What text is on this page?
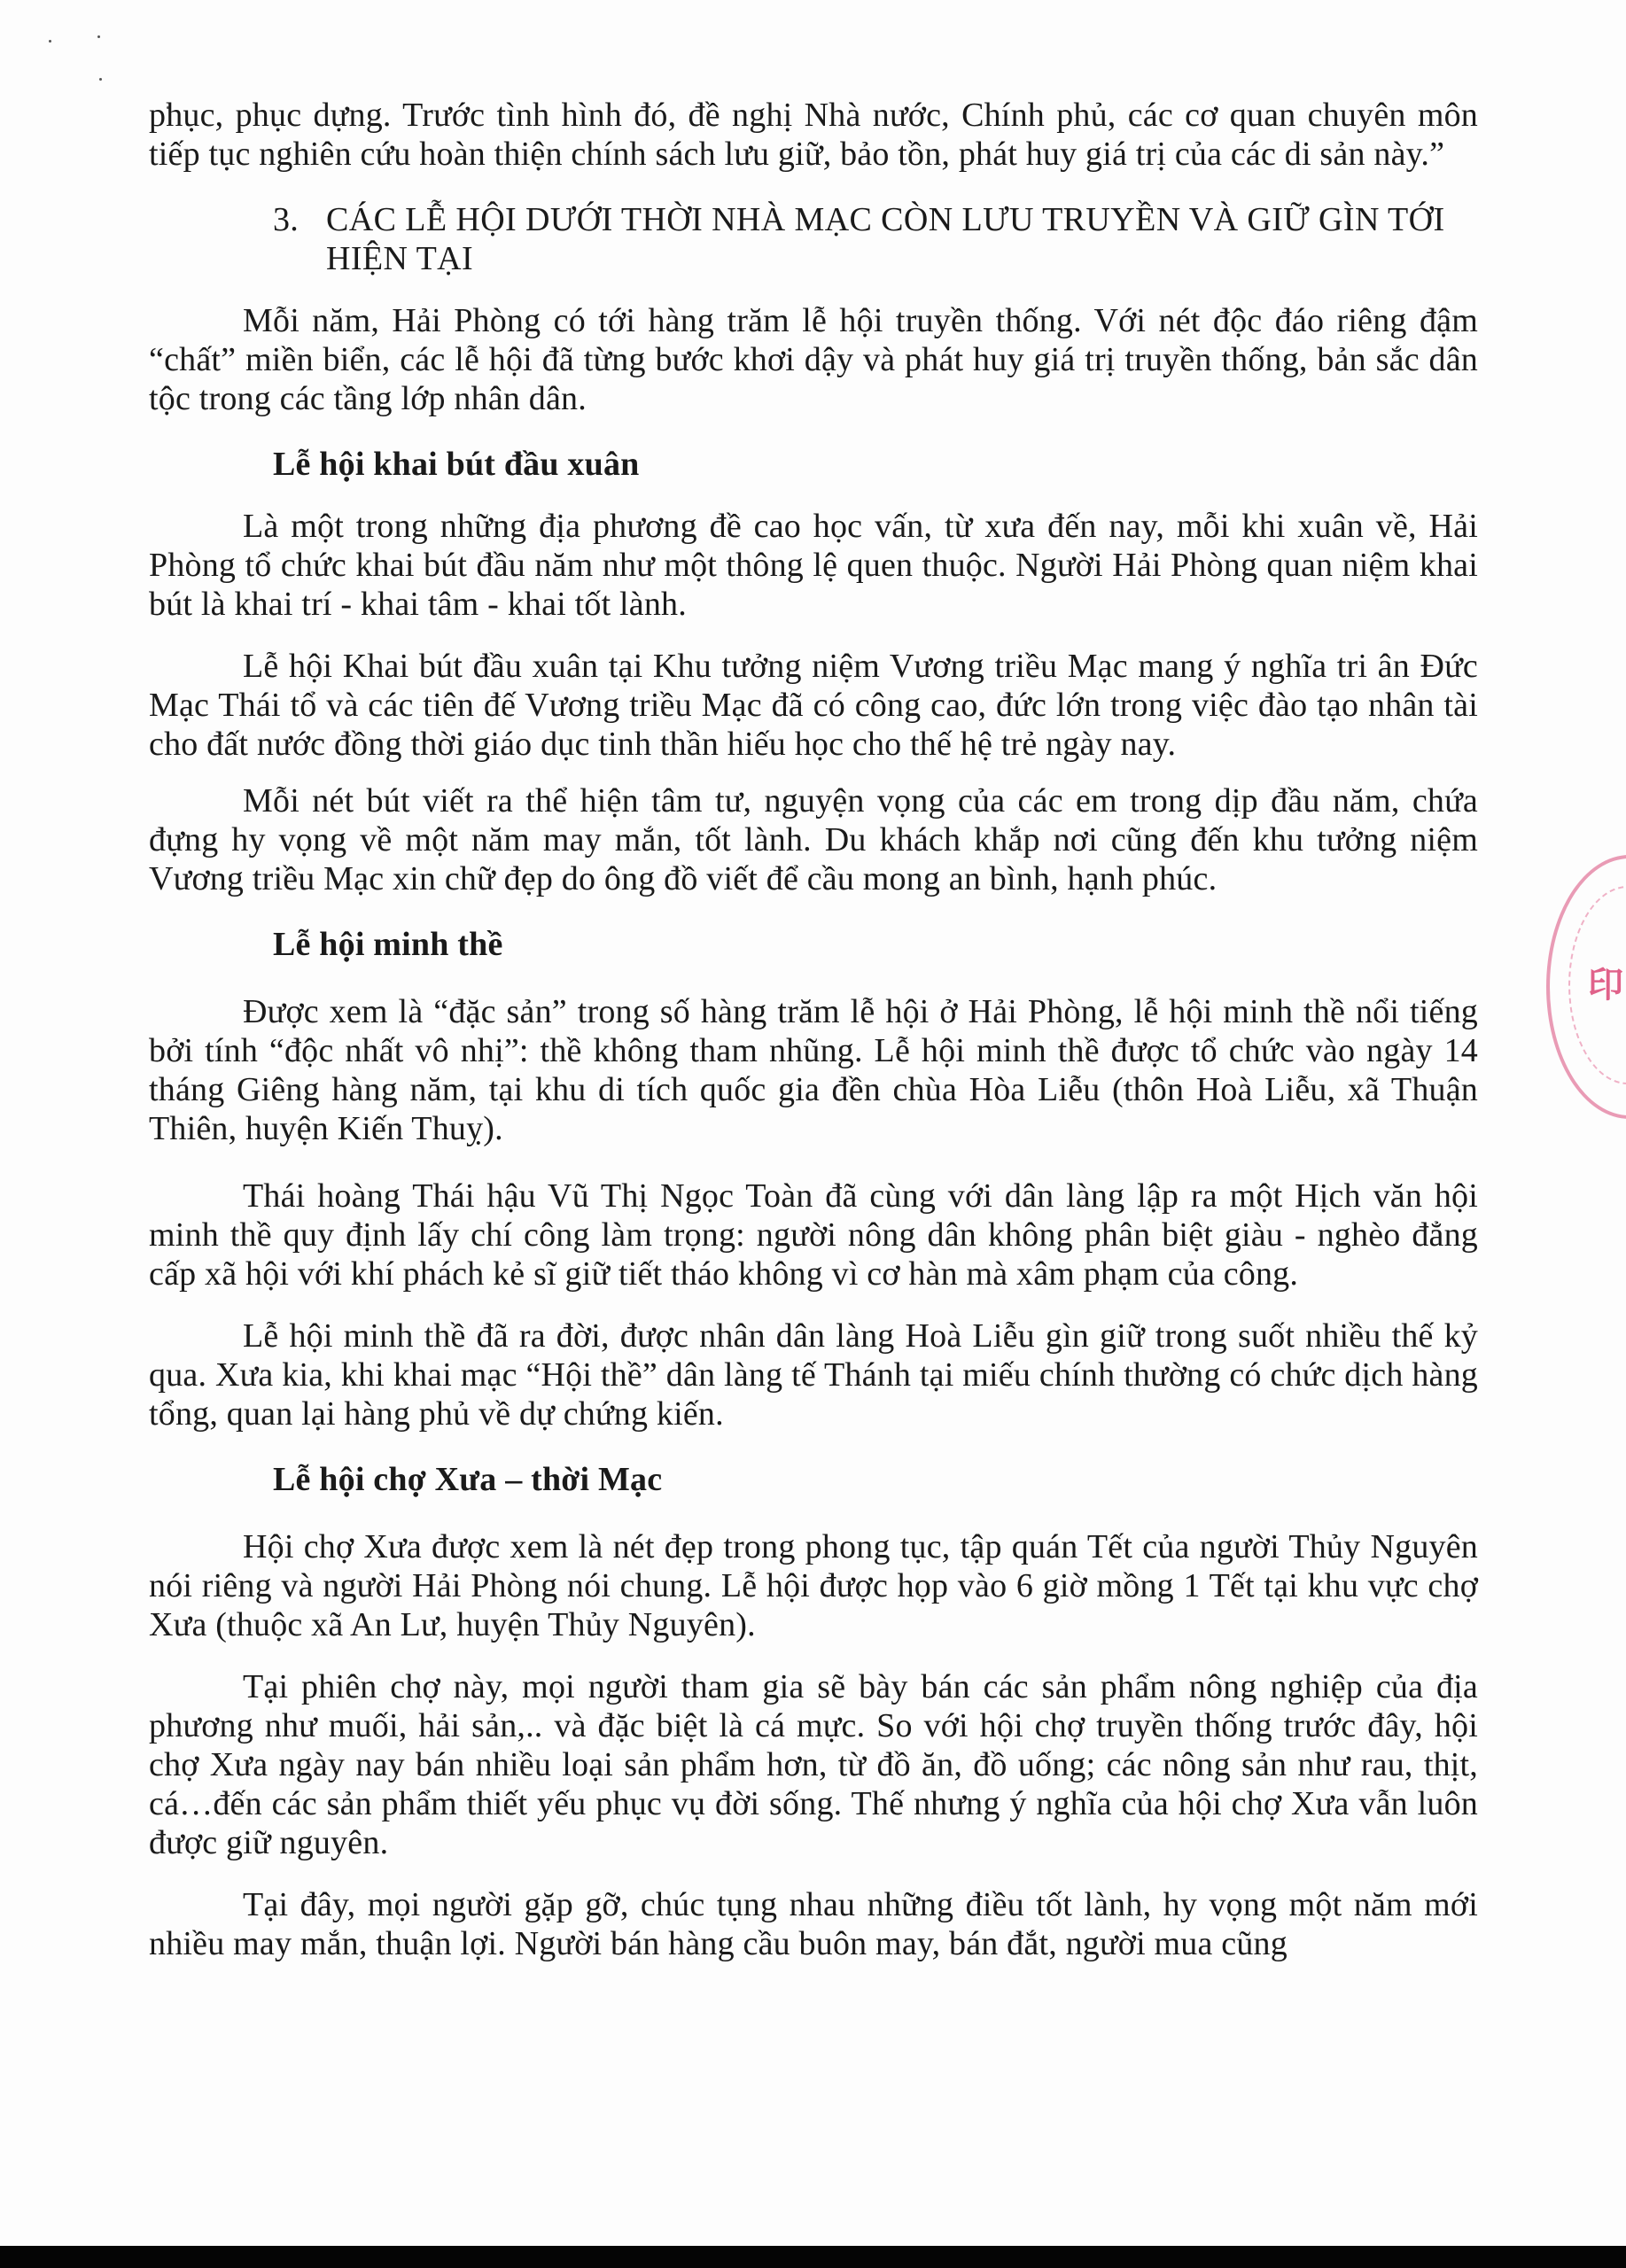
phục, phục dựng. Trước tình hình đó, đề nghị Nhà nước, Chính phủ, các cơ quan chuyên môn tiếp tục nghiên cứu hoàn thiện chính sách lưu giữ, bảo tồn, phát huy giá trị của các di sản này.”

3. CÁC LỄ HỘI DƯỚI THỜI NHÀ MẠC CÒN LƯU TRUYỀN VÀ GIỮ GÌN TỚI HIỆN TẠI

Mỗi năm, Hải Phòng có tới hàng trăm lễ hội truyền thống. Với nét độc đáo riêng đậm “chất” miền biển, các lễ hội đã từng bước khơi dậy và phát huy giá trị truyền thống, bản sắc dân tộc trong các tầng lớp nhân dân.

Lễ hội khai bút đầu xuân

Là một trong những địa phương đề cao học vấn, từ xưa đến nay, mỗi khi xuân về, Hải Phòng tổ chức khai bút đầu năm như một thông lệ quen thuộc. Người Hải Phòng quan niệm khai bút là khai trí - khai tâm - khai tốt lành.

Lễ hội Khai bút đầu xuân tại Khu tưởng niệm Vương triều Mạc mang ý nghĩa tri ân Đức Mạc Thái tổ và các tiên đế Vương triều Mạc đã có công cao, đức lớn trong việc đào tạo nhân tài cho đất nước đồng thời giáo dục tinh thần hiếu học cho thế hệ trẻ ngày nay.

Mỗi nét bút viết ra thể hiện tâm tư, nguyện vọng của các em trong dịp đầu năm, chứa đựng hy vọng về một năm may mắn, tốt lành. Du khách khắp nơi cũng đến khu tưởng niệm Vương triều Mạc xin chữ đẹp do ông đồ viết để cầu mong an bình, hạnh phúc.

Lễ hội minh thề

Được xem là “đặc sản” trong số hàng trăm lễ hội ở Hải Phòng, lễ hội minh thề nổi tiếng bởi tính “độc nhất vô nhị”: thề không tham nhũng. Lễ hội minh thề được tổ chức vào ngày 14 tháng Giêng hàng năm, tại khu di tích quốc gia đền chùa Hòa Liễu (thôn Hoà Liễu, xã Thuận Thiên, huyện Kiến Thuỵ).

Thái hoàng Thái hậu Vũ Thị Ngọc Toàn đã cùng với dân làng lập ra một Hịch văn hội minh thề quy định lấy chí công làm trọng: người nông dân không phân biệt giàu - nghèo đẳng cấp xã hội với khí phách kẻ sĩ giữ tiết tháo không vì cơ hàn mà xâm phạm của công.

Lễ hội minh thề đã ra đời, được nhân dân làng Hoà Liễu gìn giữ trong suốt nhiều thế kỷ qua. Xưa kia, khi khai mạc “Hội thề” dân làng tế Thánh tại miếu chính thường có chức dịch hàng tổng, quan lại hàng phủ về dự chứng kiến.

Lễ hội chợ Xưa – thời Mạc

Hội chợ Xưa được xem là nét đẹp trong phong tục, tập quán Tết của người Thủy Nguyên nói riêng và người Hải Phòng nói chung. Lễ hội được họp vào 6 giờ mồng 1 Tết tại khu vực chợ Xưa (thuộc xã An Lư, huyện Thủy Nguyên).

Tại phiên chợ này, mọi người tham gia sẽ bày bán các sản phẩm nông nghiệp của địa phương như muối, hải sản,.. và đặc biệt là cá mực. So với hội chợ truyền thống trước đây, hội chợ Xưa ngày nay bán nhiều loại sản phẩm hơn, từ đồ ăn, đồ uống; các nông sản như rau, thịt, cá…đến các sản phẩm thiết yếu phục vụ đời sống. Thế nhưng ý nghĩa của hội chợ Xưa vẫn luôn được giữ nguyên.

Tại đây, mọi người gặp gỡ, chúc tụng nhau những điều tốt lành, hy vọng một năm mới nhiều may mắn, thuận lợi. Người bán hàng cầu buôn may, bán đắt, người mua cũng

印
